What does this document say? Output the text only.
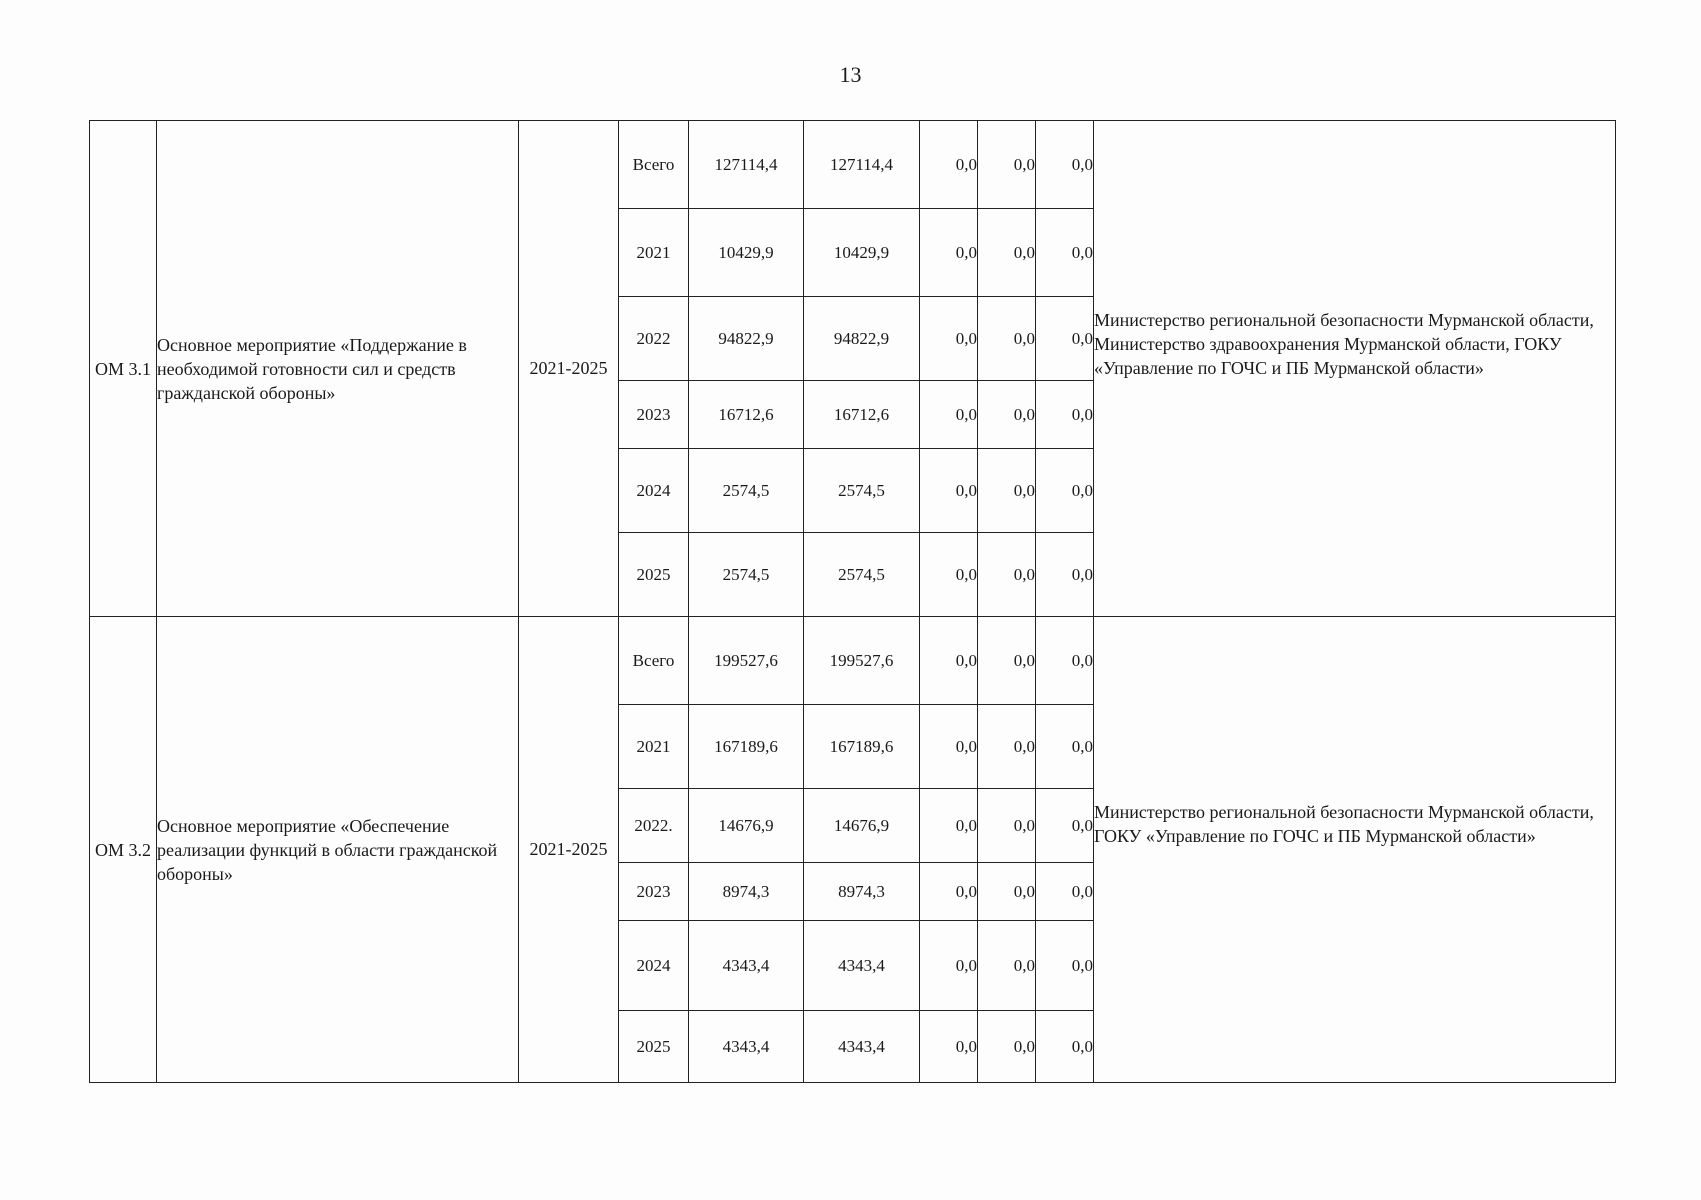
13
ОМ 3.1	Основное мероприятие «Поддержание в необходимой готовности сил и средств гражданской обороны»	2021-2025	Всего	127114,4	127114,4	0,0	0,0	0,0	Министерство региональной безопасности Мурманской области, Министерство здравоохранения Мурманской области, ГОКУ «Управление по ГОЧС и ПБ Мурманской области»

			2021	10429,9	10429,9	0,0	0,0	0,0	
			2022	94822,9	94822,9	0,0	0,0	0,0	
			2023	16712,6	16712,6	0,0	0,0	0,0	
			2024	2574,5	2574,5	0,0	0,0	0,0	
			2025	2574,5	2574,5	0,0	0,0	0,0	
ОМ 3.2	Основное мероприятие «Обеспечение реализации функций в области гражданской обороны»	2021-2025	Всего	199527,6	199527,6	0,0	0,0	0,0	Министерство региональной безопасности Мурманской области, ГОКУ «Управление по ГОЧС и ПБ Мурманской области»

			2021	167189,6	167189,6	0,0	0,0	0,0	
			2022.	14676,9	14676,9	0,0	0,0	0,0	
			2023	8974,3	8974,3	0,0	0,0	0,0	
			2024	4343,4	4343,4	0,0	0,0	0,0	
			2025	4343,4	4343,4	0,0	0,0	0,0	
